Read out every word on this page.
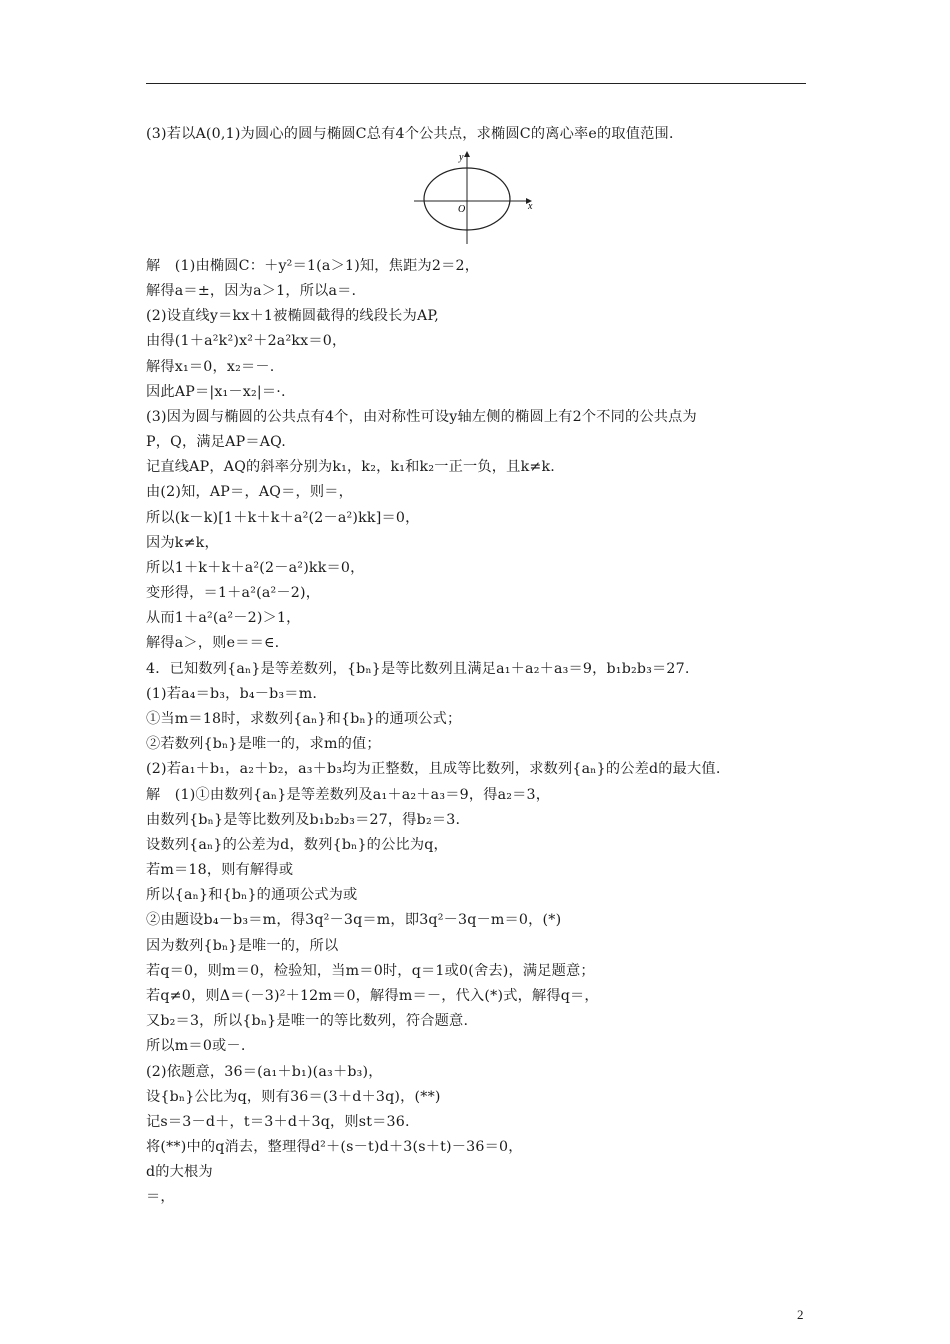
(3)若以A(0,1)为圆心的圆与椭圆C总有4个公共点，求椭圆C的离心率e的取值范围．
y
x
O
解　(1)由椭圆C：＋y²＝1(a＞1)知，焦距为2＝2，
解得a＝±，因为a＞1，所以a＝.
(2)设直线y＝kx＋1被椭圆截得的线段长为AP,
由得(1＋a²k²)x²＋2a²kx＝0，
解得x₁＝0，x₂＝－.
因此AP＝|x₁－x₂|＝·.
(3)因为圆与椭圆的公共点有4个，由对称性可设y轴左侧的椭圆上有2个不同的公共点为
P，Q，满足AP＝AQ.
记直线AP，AQ的斜率分别为k₁，k₂，k₁和k₂一正一负，且k≠k.
由(2)知，AP＝，AQ＝，则＝，
所以(k－k)[1＋k＋k＋a²(2－a²)kk]＝0，
因为k≠k，
所以1＋k＋k＋a²(2－a²)kk＝0，
变形得，＝1＋a²(a²－2)，
从而1＋a²(a²－2)＞1，
解得a＞，则e＝＝∈.
4．已知数列{aₙ}是等差数列，{bₙ}是等比数列且满足a₁＋a₂＋a₃＝9，b₁b₂b₃＝27.
(1)若a₄＝b₃，b₄－b₃＝m.
①当m＝18时，求数列{aₙ}和{bₙ}的通项公式；
②若数列{bₙ}是唯一的，求m的值；
(2)若a₁＋b₁，a₂＋b₂，a₃＋b₃均为正整数，且成等比数列，求数列{aₙ}的公差d的最大值.
解　(1)①由数列{aₙ}是等差数列及a₁＋a₂＋a₃＝9，得a₂＝3，
由数列{bₙ}是等比数列及b₁b₂b₃＝27，得b₂＝3.
设数列{aₙ}的公差为d，数列{bₙ}的公比为q，
若m＝18，则有解得或
所以{aₙ}和{bₙ}的通项公式为或
②由题设b₄－b₃＝m，得3q²－3q＝m，即3q²－3q－m＝0，(*)
因为数列{bₙ}是唯一的，所以
若q＝0，则m＝0，检验知，当m＝0时，q＝1或0(舍去)，满足题意；
若q≠0，则Δ＝(－3)²＋12m＝0，解得m＝－，代入(*)式，解得q＝，
又b₂＝3，所以{bₙ}是唯一的等比数列，符合题意.
所以m＝0或－.
(2)依题意，36＝(a₁＋b₁)(a₃＋b₃)，
设{bₙ}公比为q，则有36＝(3＋d＋3q)，(**)
记s＝3－d＋，t＝3＋d＋3q，则st＝36.
将(**)中的q消去，整理得d²＋(s－t)d＋3(s＋t)－36＝0，
d的大根为
＝，
2
